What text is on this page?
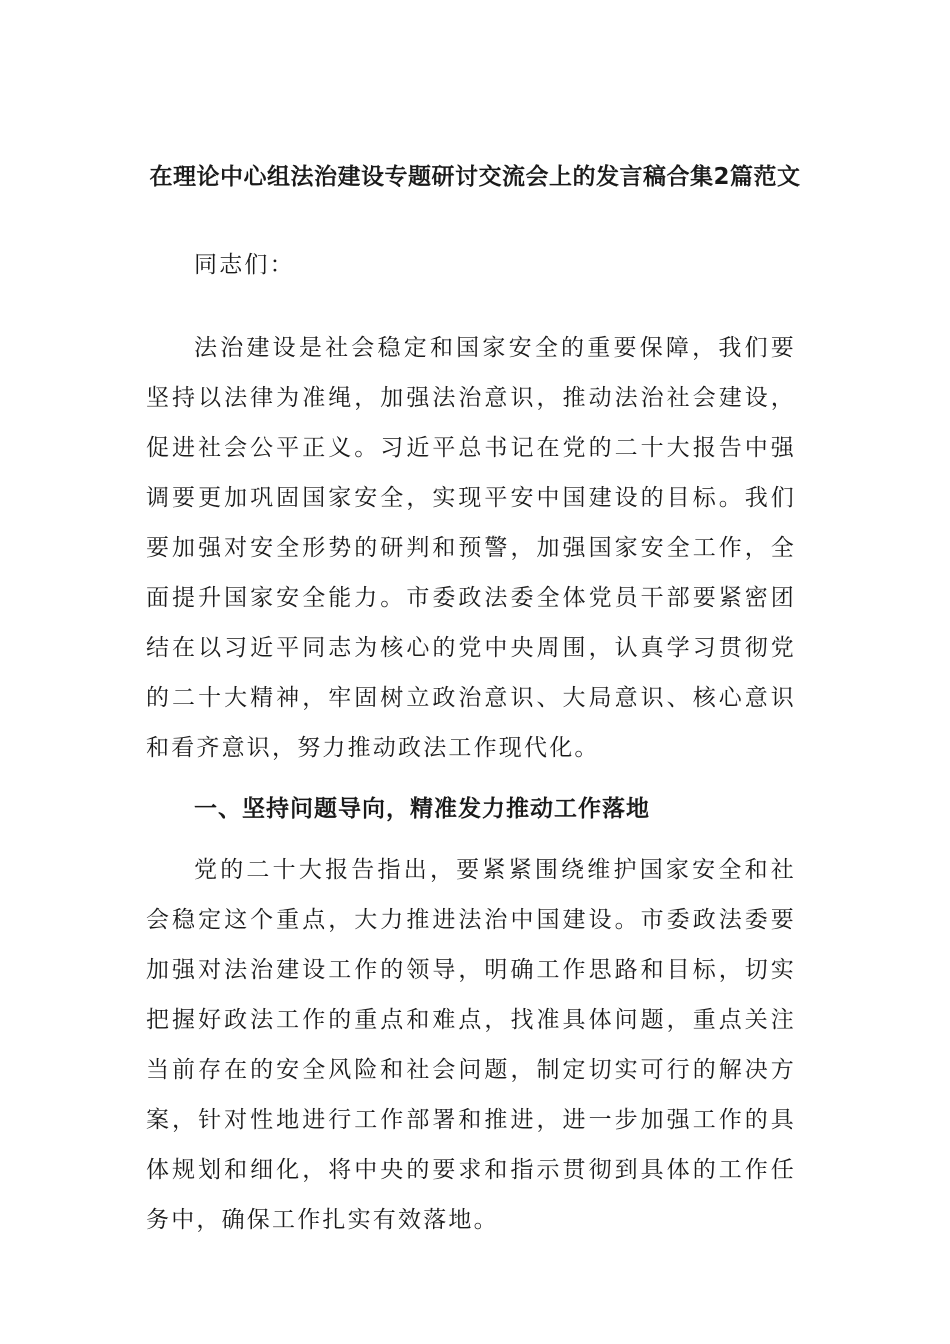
在理论中心组法治建设专题研讨交流会上的发言稿合集2篇范文

同志们：

法治建设是社会稳定和国家安全的重要保障，我们要坚持以法律为准绳，加强法治意识，推动法治社会建设，促进社会公平正义。习近平总书记在党的二十大报告中强调要更加巩固国家安全，实现平安中国建设的目标。我们要加强对安全形势的研判和预警，加强国家安全工作，全面提升国家安全能力。市委政法委全体党员干部要紧密团结在以习近平同志为核心的党中央周围，认真学习贯彻党的二十大精神，牢固树立政治意识、大局意识、核心意识和看齐意识，努力推动政法工作现代化。

一、坚持问题导向，精准发力推动工作落地

党的二十大报告指出，要紧紧围绕维护国家安全和社会稳定这个重点，大力推进法治中国建设。市委政法委要加强对法治建设工作的领导，明确工作思路和目标，切实把握好政法工作的重点和难点，找准具体问题，重点关注当前存在的安全风险和社会问题，制定切实可行的解决方案，针对性地进行工作部署和推进，进一步加强工作的具体规划和细化，将中央的要求和指示贯彻到具体的工作任务中，确保工作扎实有效落地。
